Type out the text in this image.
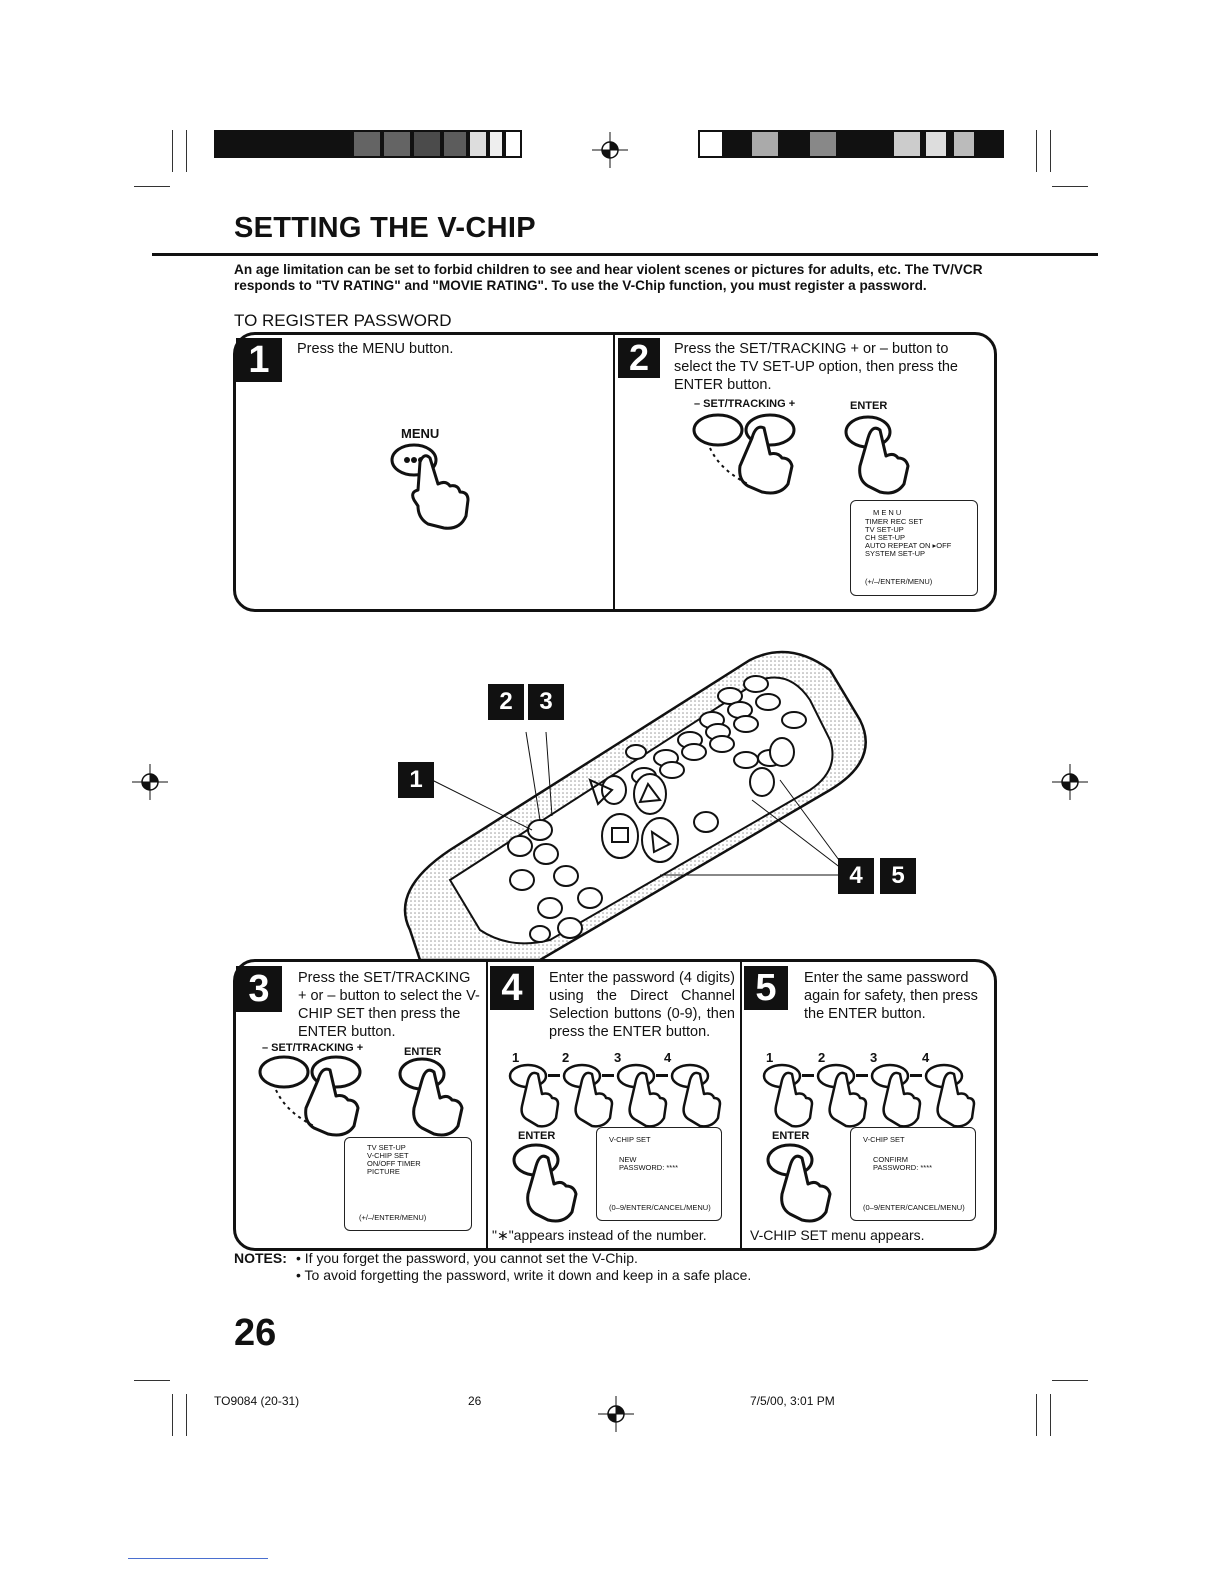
SETTING THE V-CHIP
An age limitation can be set to forbid children to see and hear violent scenes or pictures for adults, etc. The TV/VCR responds to "TV RATING" and "MOVIE RATING". To use the V-Chip function, you must register a password.
TO REGISTER PASSWORD
1	Press the MENU button.
MENU
2	Press the SET/TRACKING + or – button to select the TV SET-UP option, then press the ENTER button.
– SET/TRACKING +	ENTER
M E N U
TIMER REC SET
TV SET-UP
CH SET-UP
AUTO REPEAT ON ▸OFF
SYSTEM SET-UP
(+/–/ENTER/MENU)
2	3
1
4	5
3	Press the SET/TRACKING + or – button to select the V-CHIP SET then press the ENTER button.
– SET/TRACKING +	ENTER
TV SET-UP
V-CHIP SET
ON/OFF TIMER
PICTURE
(+/–/ENTER/MENU)
4	Enter the password (4 digits) using the Direct Channel Selection buttons (0-9), then press the ENTER button.
1	2	3	4
ENTER	V-CHIP SET
NEW
PASSWORD: ****
(0–9/ENTER/CANCEL/MENU)
"∗"appears instead of the number.
5	Enter the same password again for safety, then press the ENTER button.
1	2	3	4
ENTER	V-CHIP SET
CONFIRM
PASSWORD: ****
(0–9/ENTER/CANCEL/MENU)
V-CHIP SET menu appears.
NOTES: • If you forget the password, you cannot set the V-Chip.
• To avoid forgetting the password, write it down and keep in a safe place.
26
TO9084 (20-31)	26	7/5/00, 3:01 PM
